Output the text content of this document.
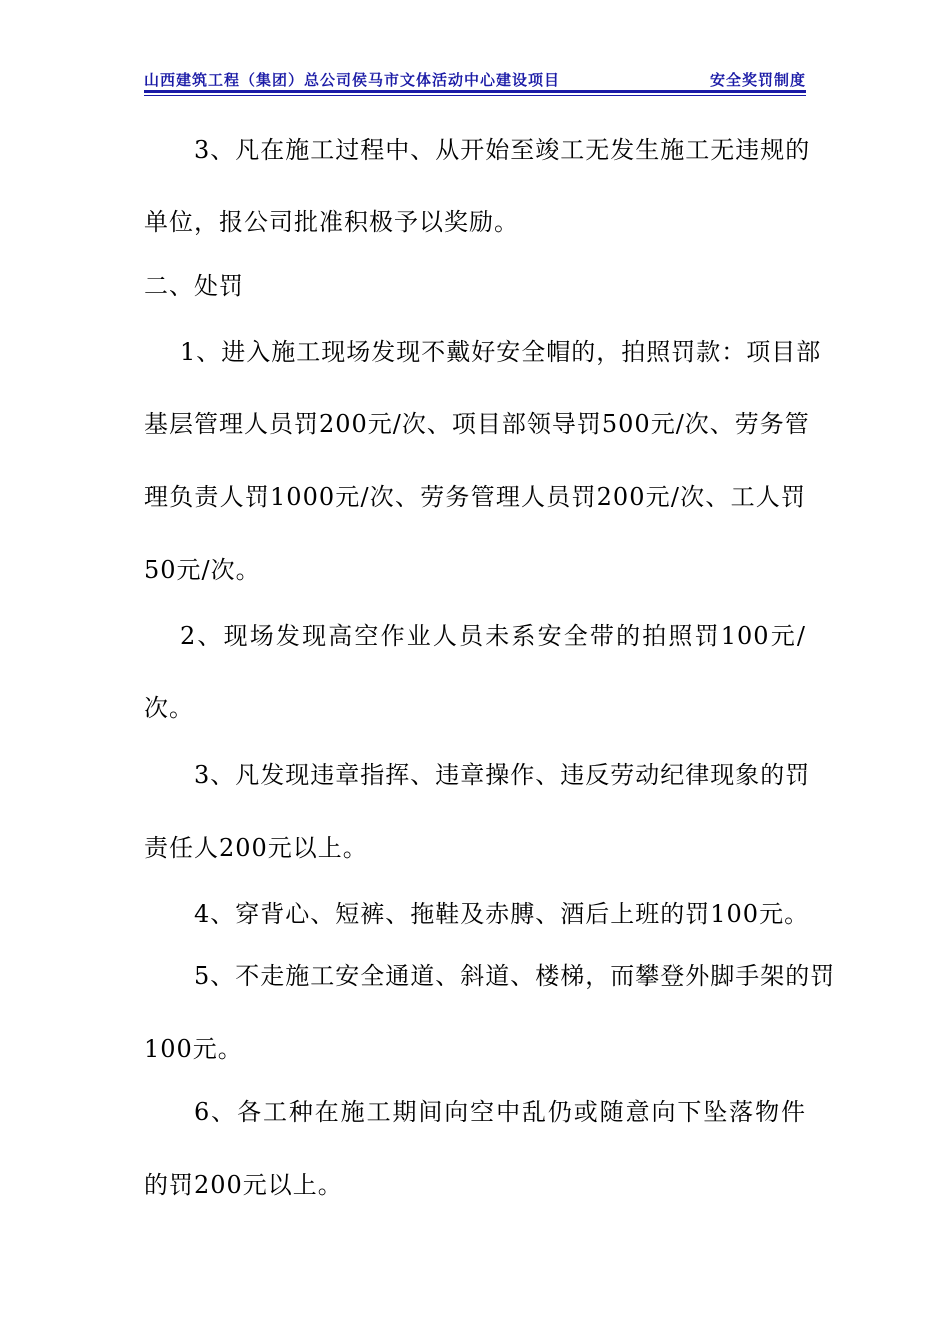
山西建筑工程（集团）总公司侯马市文体活动中心建设项目	安全奖罚制度
3、凡在施工过程中、从开始至竣工无发生施工无违规的
单位，报公司批准积极予以奖励。
二、处罚
1、进入施工现场发现不戴好安全帽的，拍照罚款：项目部
基层管理人员罚200元/次、项目部领导罚500元/次、劳务管
理负责人罚1000元/次、劳务管理人员罚200元/次、工人罚
50元/次。
2、现场发现高空作业人员未系安全带的拍照罚100元/
次。
3、凡发现违章指挥、违章操作、违反劳动纪律现象的罚
责任人200元以上。
4、穿背心、短裤、拖鞋及赤膊、酒后上班的罚100元。
5、不走施工安全通道、斜道、楼梯，而攀登外脚手架的罚
100元。
6、各工种在施工期间向空中乱仍或随意向下坠落物件
的罚200元以上。
